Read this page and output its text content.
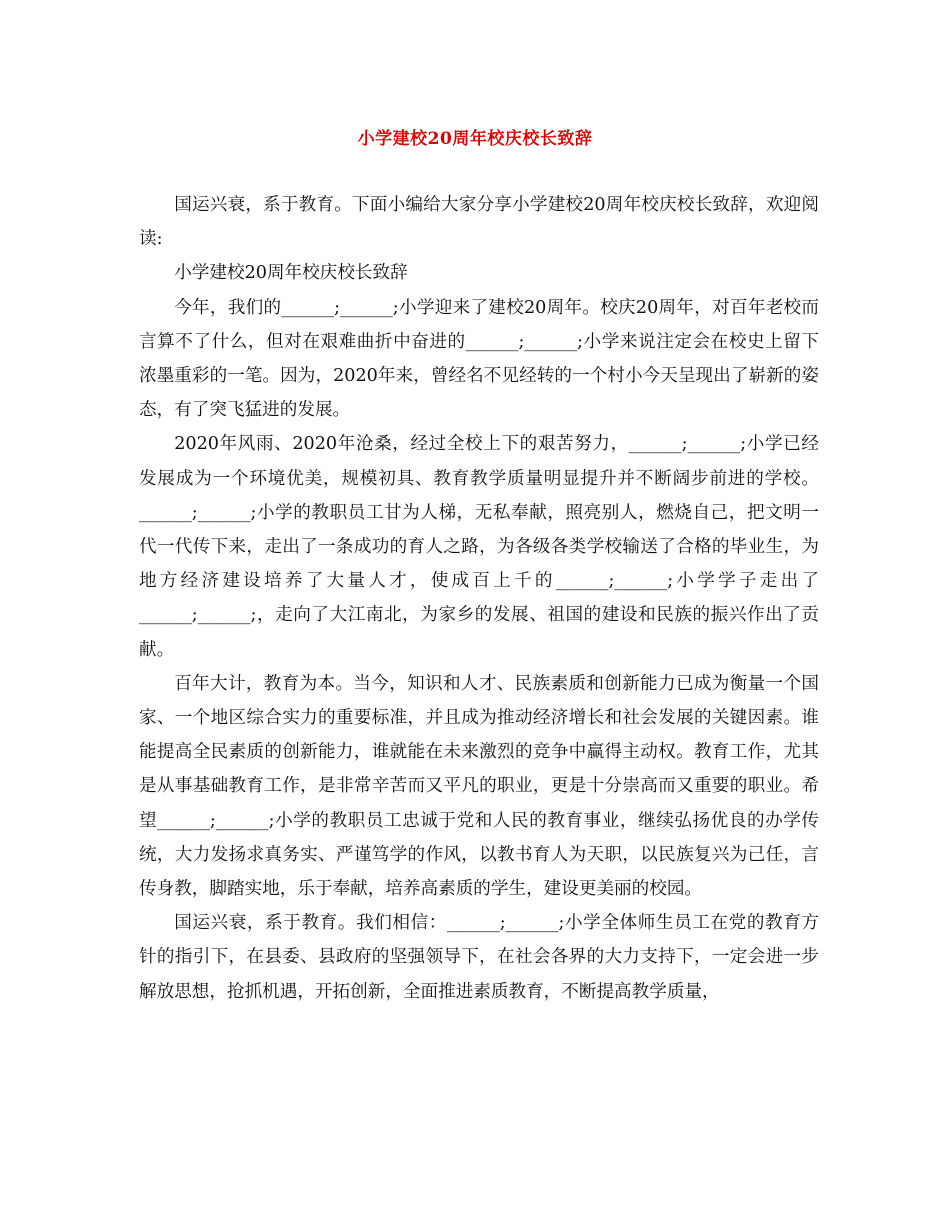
小学建校20周年校庆校长致辞

国运兴衰，系于教育。下面小编给大家分享小学建校20周年校庆校长致辞，欢迎阅读:

小学建校20周年校庆校长致辞

今年，我们的______;______;小学迎来了建校20周年。校庆20周年，对百年老校而言算不了什么，但对在艰难曲折中奋进的______;______;小学来说注定会在校史上留下浓墨重彩的一笔。因为，2020年来，曾经名不见经转的一个村小今天呈现出了崭新的姿态，有了突飞猛进的发展。

2020年风雨、2020年沧桑，经过全校上下的艰苦努力，______;______;小学已经发展成为一个环境优美，规模初具、教育教学质量明显提升并不断阔步前进的学校。______;______;小学的教职员工甘为人梯，无私奉献，照亮别人，燃烧自己，把文明一代一代传下来，走出了一条成功的育人之路，为各级各类学校输送了合格的毕业生，为地方经济建设培养了大量人才，使成百上千的______;______;小学学子走出了______;______;，走向了大江南北，为家乡的发展、祖国的建设和民族的振兴作出了贡献。

百年大计，教育为本。当今，知识和人才、民族素质和创新能力已成为衡量一个国家、一个地区综合实力的重要标准，并且成为推动经济增长和社会发展的关键因素。谁能提高全民素质的创新能力，谁就能在未来激烈的竞争中赢得主动权。教育工作，尤其是从事基础教育工作，是非常辛苦而又平凡的职业，更是十分崇高而又重要的职业。希望______;______;小学的教职员工忠诚于党和人民的教育事业，继续弘扬优良的办学传统，大力发扬求真务实、严谨笃学的作风，以教书育人为天职，以民族复兴为己任，言传身教，脚踏实地，乐于奉献，培养高素质的学生，建设更美丽的校园。

国运兴衰，系于教育。我们相信：______;______;小学全体师生员工在党的教育方针的指引下，在县委、县政府的坚强领导下，在社会各界的大力支持下，一定会进一步解放思想，抢抓机遇，开拓创新，全面推进素质教育，不断提高教学质量，
